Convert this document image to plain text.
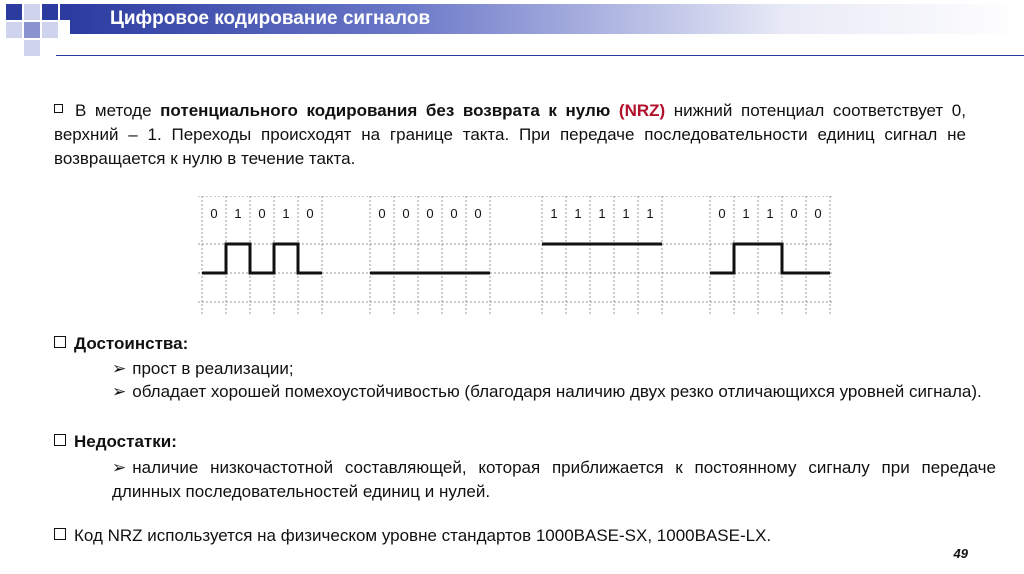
Цифровое кодирование сигналов
В методе потенциального кодирования без возврата к нулю (NRZ) нижний потенциал соответствует 0, верхний – 1. Переходы происходят на границе такта. При передаче последовательности единиц сигнал не возвращается к нулю в течение такта.
0 1 0 1 0	0 0 0 0 0	1 1 1 1 1	0 1 1 0 0
Достоинства:
➢ прост в реализации;
➢ обладает хорошей помехоустойчивостью (благодаря наличию двух резко отличающихся уровней сигнала).
Недостатки:
➢ наличие низкочастотной составляющей, которая приближается к постоянному сигналу при передаче длинных последовательностей единиц и нулей.
Код NRZ используется на физическом уровне стандартов 1000BASE-SX, 1000BASE-LX.
49
